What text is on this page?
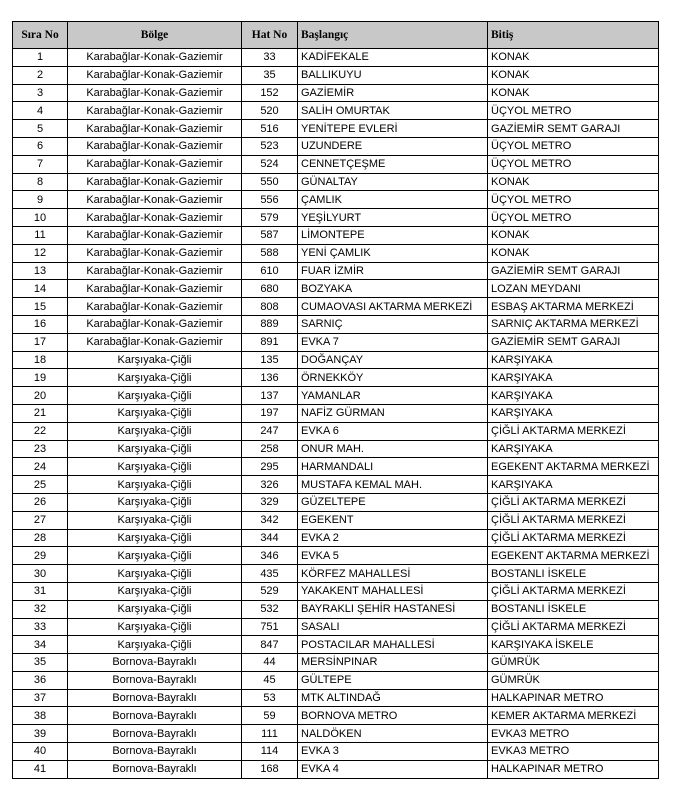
Sıra No	Bölge	Hat No	Başlangıç	Bitiş
1	Karabağlar-Konak-Gaziemir	33	KADİFEKALE	KONAK
2	Karabağlar-Konak-Gaziemir	35	BALLIKUYU	KONAK
3	Karabağlar-Konak-Gaziemir	152	GAZİEMİR	KONAK
4	Karabağlar-Konak-Gaziemir	520	SALİH OMURTAK	ÜÇYOL METRO
5	Karabağlar-Konak-Gaziemir	516	YENİTEPE EVLERİ	GAZİEMİR SEMT GARAJI
6	Karabağlar-Konak-Gaziemir	523	UZUNDERE	ÜÇYOL METRO
7	Karabağlar-Konak-Gaziemir	524	CENNETÇEŞME	ÜÇYOL METRO
8	Karabağlar-Konak-Gaziemir	550	GÜNALTAY	KONAK
9	Karabağlar-Konak-Gaziemir	556	ÇAMLIK	ÜÇYOL METRO
10	Karabağlar-Konak-Gaziemir	579	YEŞİLYURT	ÜÇYOL METRO
11	Karabağlar-Konak-Gaziemir	587	LİMONTEPE	KONAK
12	Karabağlar-Konak-Gaziemir	588	YENİ ÇAMLIK	KONAK
13	Karabağlar-Konak-Gaziemir	610	FUAR İZMİR	GAZİEMİR SEMT GARAJI
14	Karabağlar-Konak-Gaziemir	680	BOZYAKA	LOZAN MEYDANI
15	Karabağlar-Konak-Gaziemir	808	CUMAOVASI AKTARMA MERKEZİ	ESBAŞ AKTARMA MERKEZİ
16	Karabağlar-Konak-Gaziemir	889	SARNIÇ	SARNIÇ AKTARMA MERKEZİ
17	Karabağlar-Konak-Gaziemir	891	EVKA 7	GAZİEMİR SEMT GARAJI
18	Karşıyaka-Çiğli	135	DOĞANÇAY	KARŞIYAKA
19	Karşıyaka-Çiğli	136	ÖRNEKKÖY	KARŞIYAKA
20	Karşıyaka-Çiğli	137	YAMANLAR	KARŞIYAKA
21	Karşıyaka-Çiğli	197	NAFİZ GÜRMAN	KARŞIYAKA
22	Karşıyaka-Çiğli	247	EVKA 6	ÇİĞLİ AKTARMA MERKEZİ
23	Karşıyaka-Çiğli	258	ONUR MAH.	KARŞIYAKA
24	Karşıyaka-Çiğli	295	HARMANDALI	EGEKENT AKTARMA MERKEZİ
25	Karşıyaka-Çiğli	326	MUSTAFA KEMAL MAH.	KARŞIYAKA
26	Karşıyaka-Çiğli	329	GÜZELTEPE	ÇİĞLİ AKTARMA MERKEZİ
27	Karşıyaka-Çiğli	342	EGEKENT	ÇİĞLİ AKTARMA MERKEZİ
28	Karşıyaka-Çiğli	344	EVKA 2	ÇİĞLİ AKTARMA MERKEZİ
29	Karşıyaka-Çiğli	346	EVKA 5	EGEKENT AKTARMA MERKEZİ
30	Karşıyaka-Çiğli	435	KÖRFEZ MAHALLESİ	BOSTANLI İSKELE
31	Karşıyaka-Çiğli	529	YAKAKENT MAHALLESİ	ÇİĞLİ AKTARMA MERKEZİ
32	Karşıyaka-Çiğli	532	BAYRAKLI ŞEHİR HASTANESİ	BOSTANLI İSKELE
33	Karşıyaka-Çiğli	751	SASALI	ÇİĞLİ AKTARMA MERKEZİ
34	Karşıyaka-Çiğli	847	POSTACILAR MAHALLESİ	KARŞIYAKA İSKELE
35	Bornova-Bayraklı	44	MERSİNPINAR	GÜMRÜK
36	Bornova-Bayraklı	45	GÜLTEPE	GÜMRÜK
37	Bornova-Bayraklı	53	MTK ALTINDAĞ	HALKAPINAR METRO
38	Bornova-Bayraklı	59	BORNOVA METRO	KEMER AKTARMA MERKEZİ
39	Bornova-Bayraklı	111	NALDÖKEN	EVKA3 METRO
40	Bornova-Bayraklı	114	EVKA 3	EVKA3 METRO
41	Bornova-Bayraklı	168	EVKA 4	HALKAPINAR METRO
